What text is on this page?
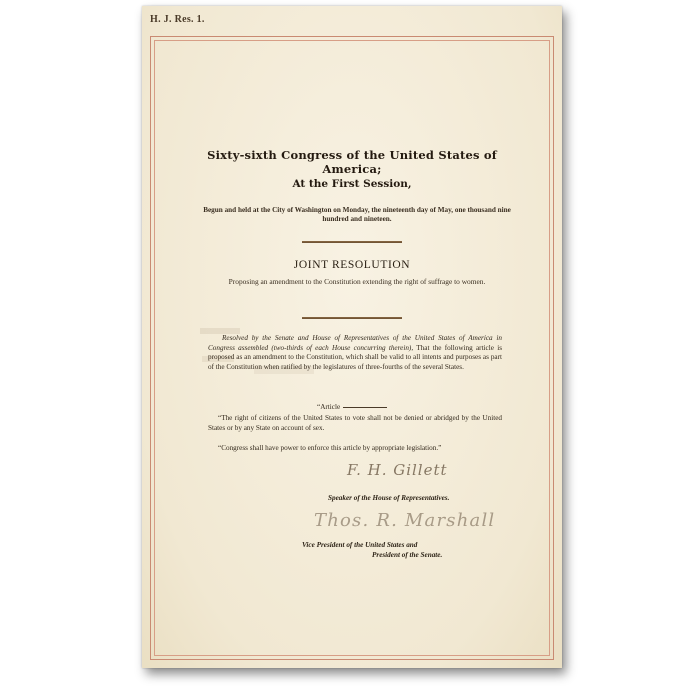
H. J. Res. 1.
Sixty-sixth Congress of the United States of America;
At the First Session,
Begun and held at the City of Washington on Monday, the nineteenth day of May, one thousand nine hundred and nineteen.
JOINT RESOLUTION
Proposing an amendment to the Constitution extending the right of suffrage to women.
Resolved by the Senate and House of Representatives of the United States of America in Congress assembled (two-thirds of each House concurring therein), That the following article is proposed as an amendment to the Constitution, which shall be valid to all intents and purposes as part of the Constitution when ratified by the legislatures of three-fourths of the several States.
“Article
“The right of citizens of the United States to vote shall not be denied or abridged by the United States or by any State on account of sex.
“Congress shall have power to enforce this article by appropriate legislation.”
F. H. Gillett
Speaker of the House of Representatives.
Thos. R. Marshall
Vice President of the United States and
President of the Senate.
